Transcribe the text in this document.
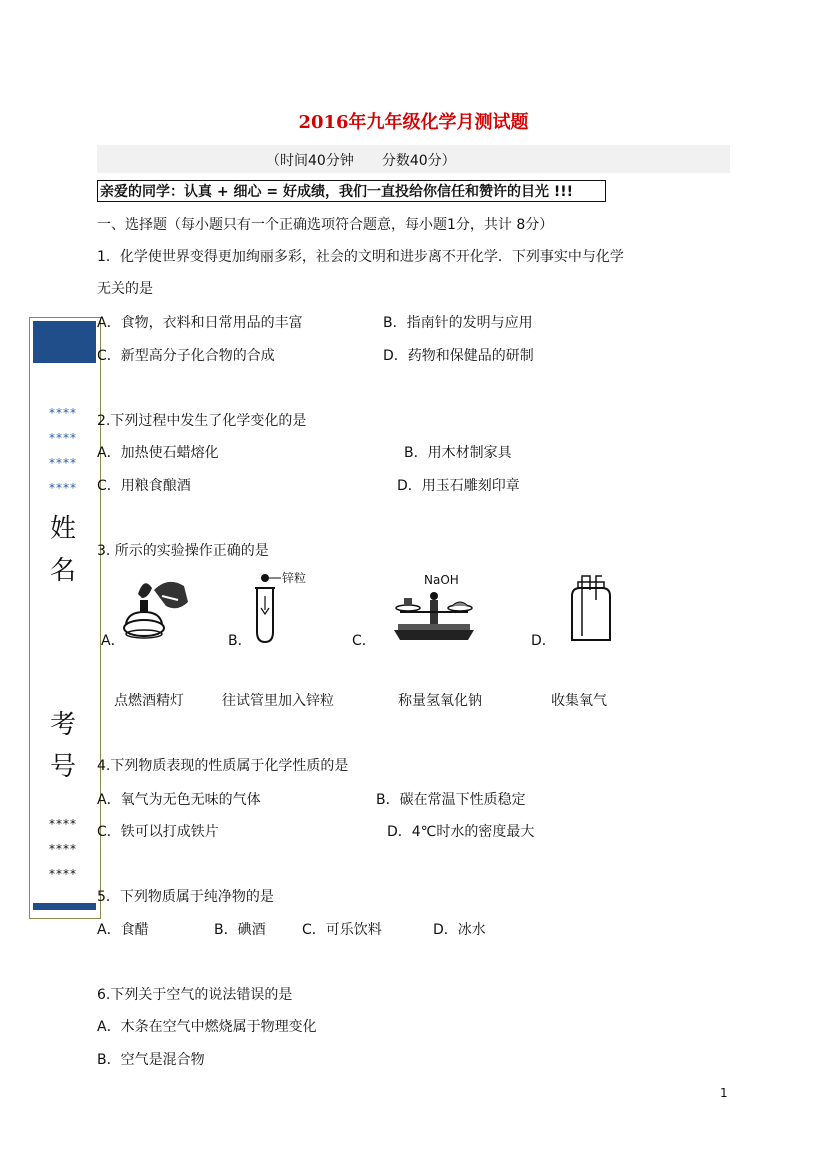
2016年九年级化学月测试题
（时间40分钟　　分数40分）
亲爱的同学：认真 + 细心 = 好成绩，我们一直投给你信任和赞许的目光 !!!
****
****
****
****
姓
名
考
号
****
****
****
一、选择题（每小题只有一个正确选项符合题意，每小题1分，共计 8分）
1．化学使世界变得更加绚丽多彩，社会的文明和进步离不开化学．下列事实中与化学
无关的是
A．食物，衣料和日常用品的丰富	B．指南针的发明与应用
C．新型高分子化合物的合成	D．药物和保健品的研制
2.下列过程中发生了化学变化的是
A．加热使石蜡熔化	B．用木材制家具
C．用粮食酿酒	D．用玉石雕刻印章
3. 所示的实验操作正确的是
A．	B．	C．	D．
锌粒	NaOH
点燃酒精灯	往试管里加入锌粒	称量氢氧化钠	收集氧气
4.下列物质表现的性质属于化学性质的是
A．氧气为无色无味的气体	B．碳在常温下性质稳定
C．铁可以打成铁片	D．4℃时水的密度最大
5．下列物质属于纯净物的是
A．食醋	B．碘酒	C．可乐饮料	D．冰水
6.下列关于空气的说法错误的是
A．木条在空气中燃烧属于物理变化
B．空气是混合物
1
